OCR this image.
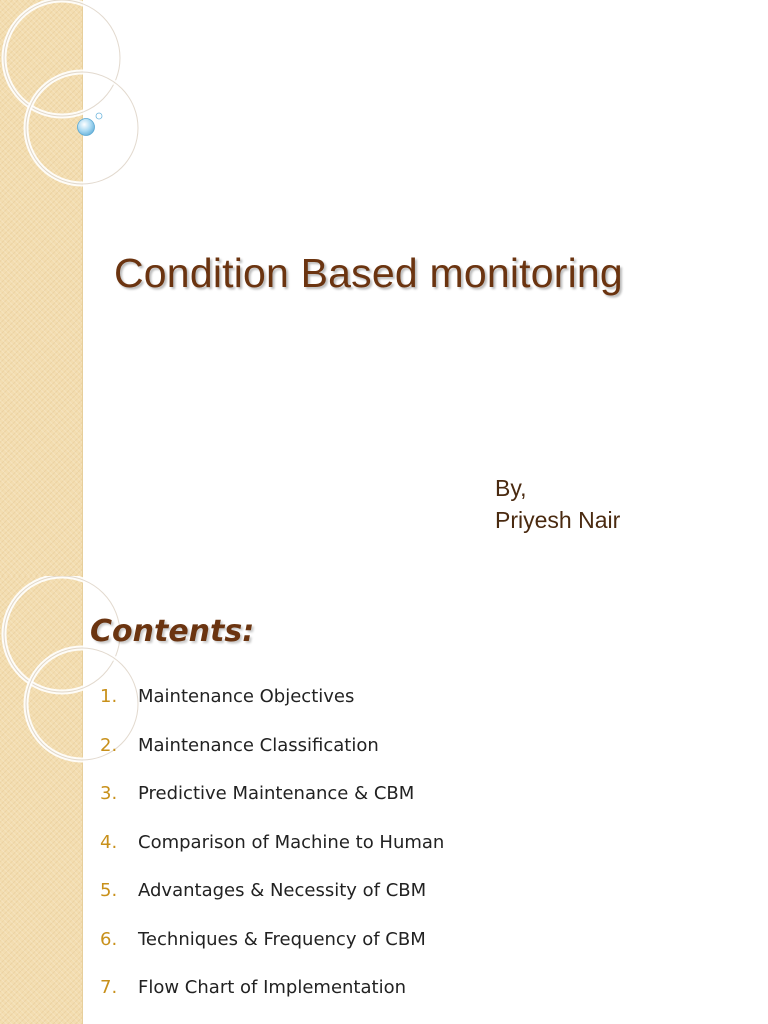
Condition Based monitoring
By,
Priyesh Nair
Contents:
1.	Maintenance Objectives
2.	Maintenance Classification
3.	Predictive Maintenance & CBM
4.	Comparison of Machine to Human
5.	Advantages & Necessity of CBM
6.	Techniques & Frequency of CBM
7.	Flow Chart of Implementation
